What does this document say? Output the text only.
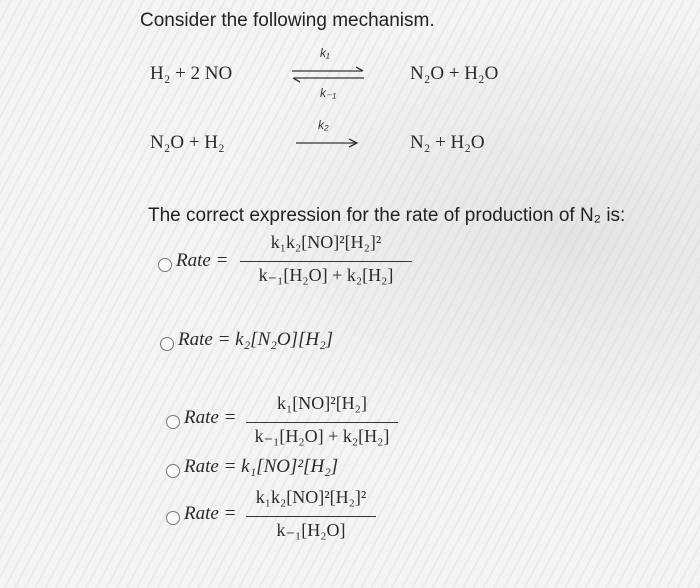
Consider the following mechanism.
H₂ + 2 NO
k₁
k₋₁
N₂O + H₂O
N₂O + H₂
k₂
N₂ + H₂O
The correct expression for the rate of production of N₂ is:
Rate =
k₁k₂[NO]²[H₂]²
k₋₁[H₂O] + k₂[H₂]
Rate = k₂[N₂O][H₂]
Rate =
k₁[NO]²[H₂]
k₋₁[H₂O] + k₂[H₂]
Rate = k₁[NO]²[H₂]
Rate =
k₁k₂[NO]²[H₂]²
k₋₁[H₂O]
